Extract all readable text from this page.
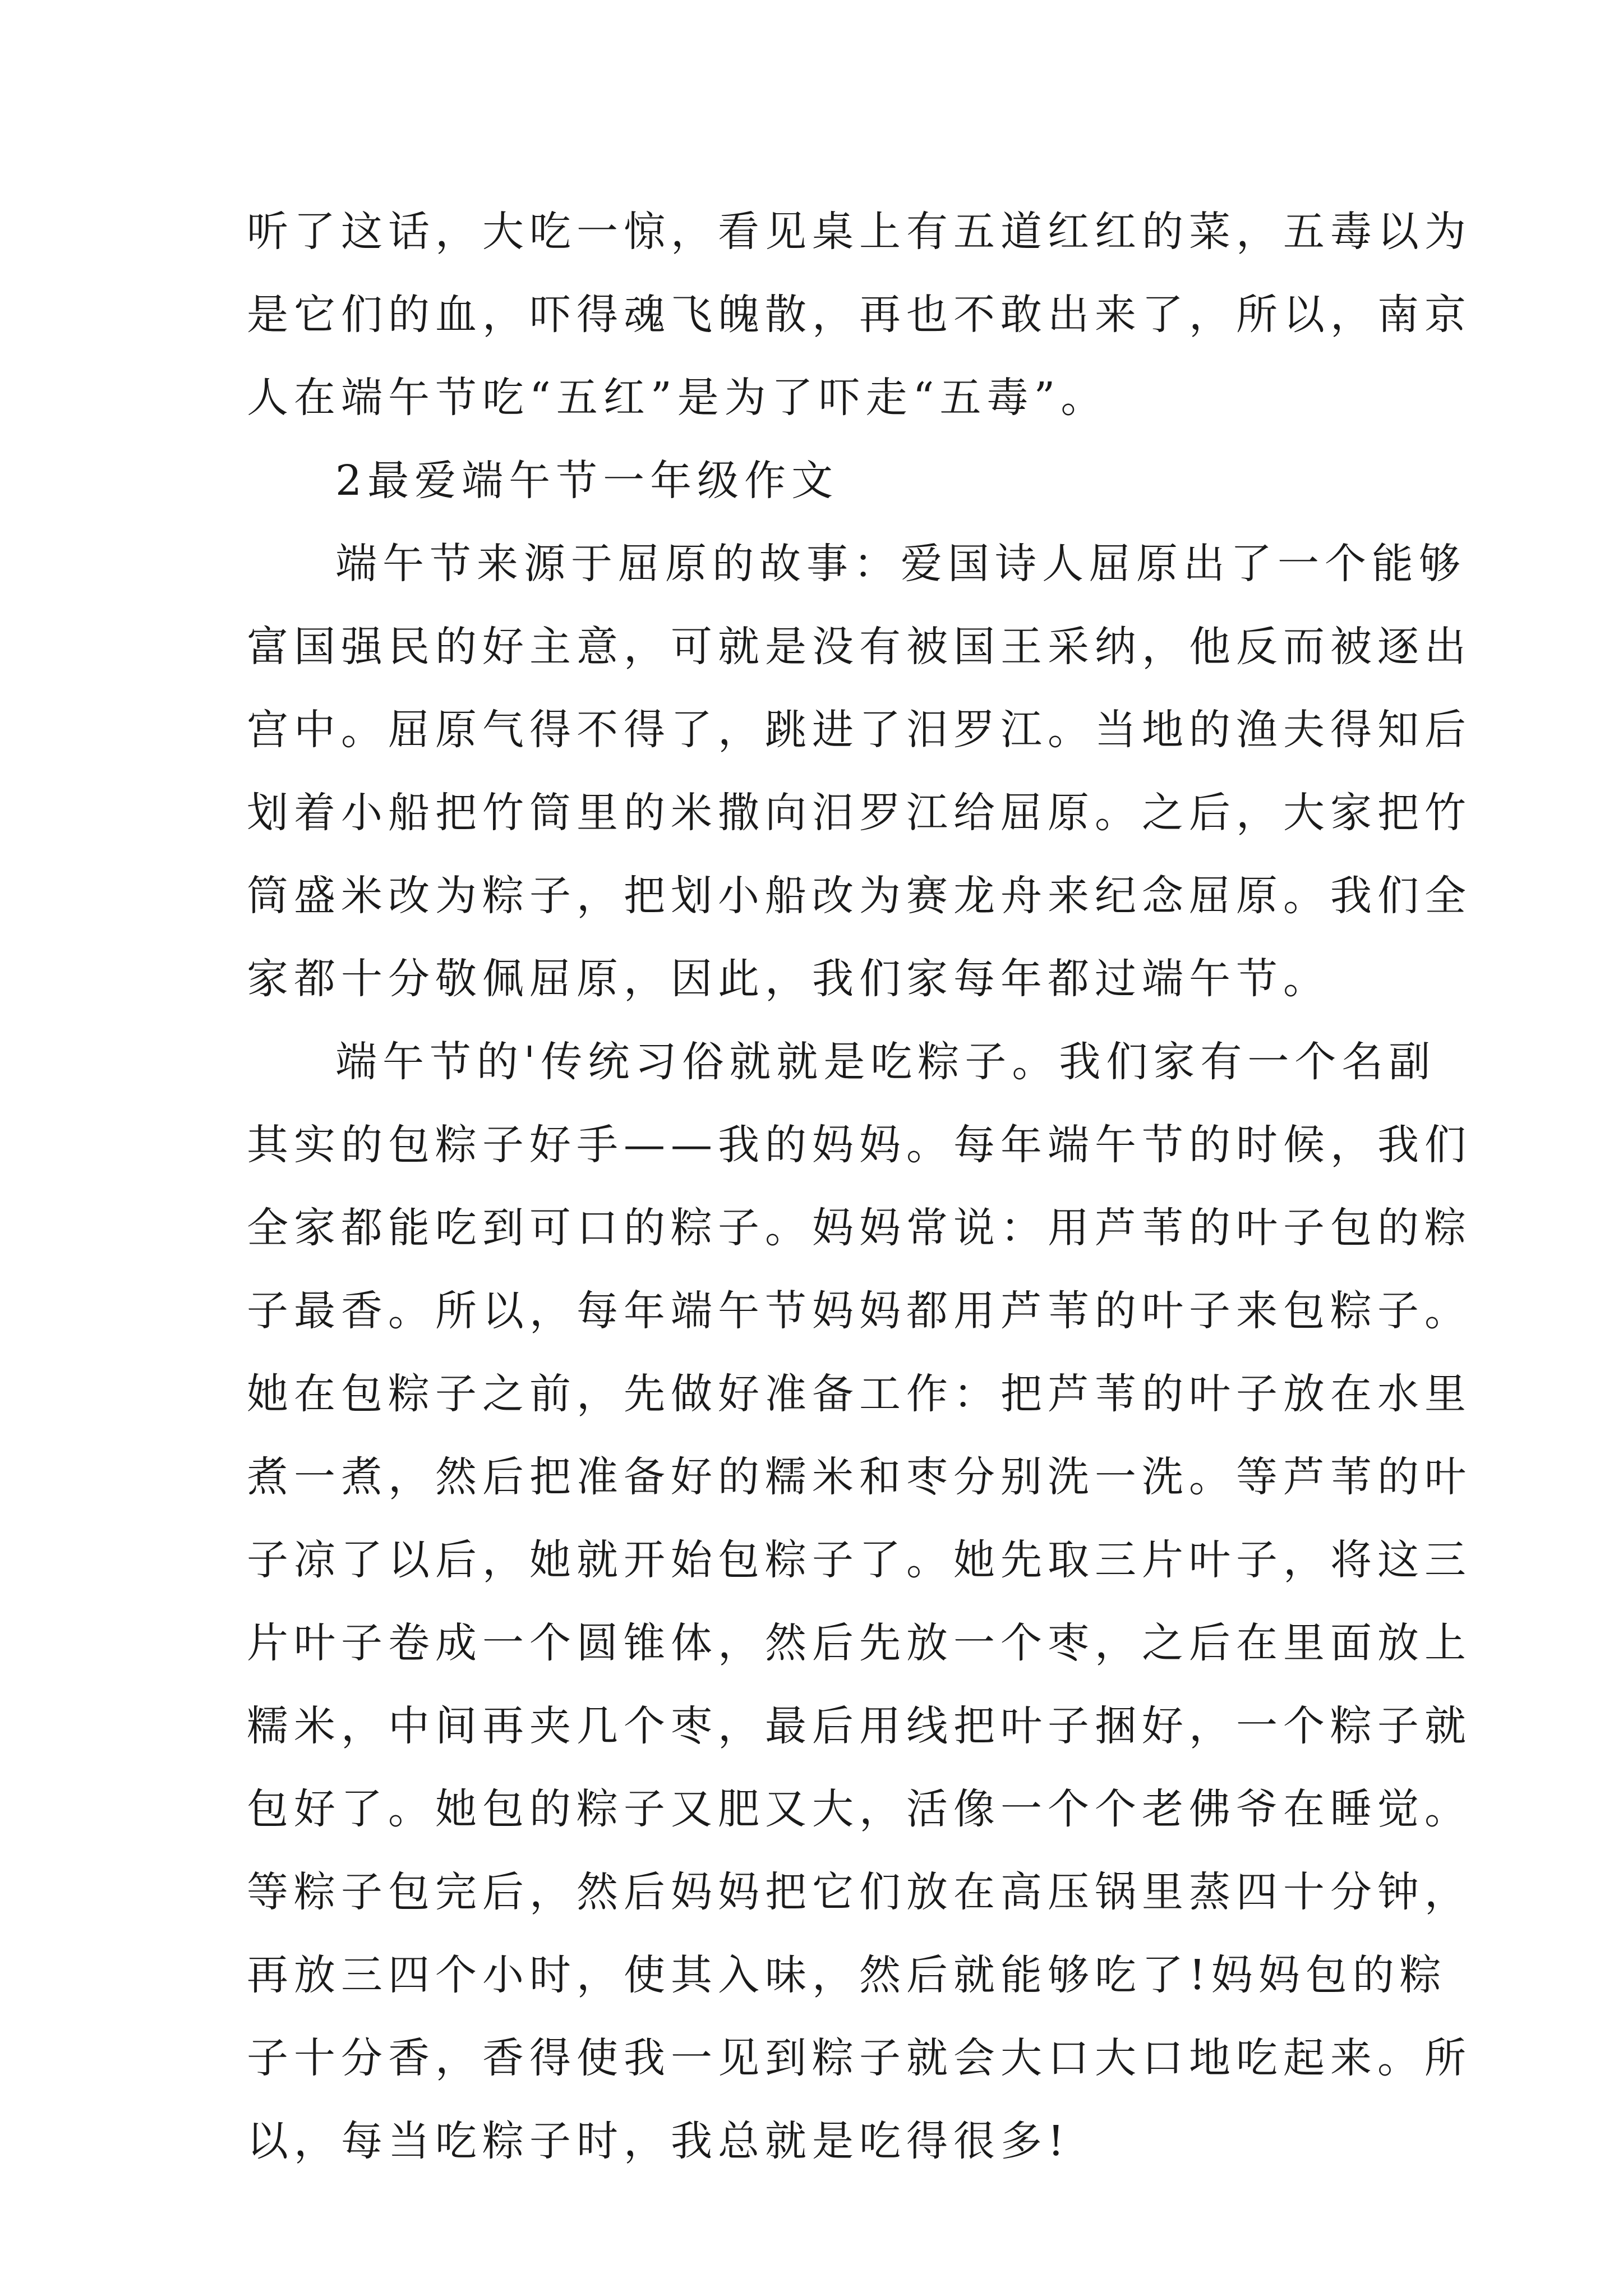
听了这话，大吃一惊，看见桌上有五道红红的菜，五毒以为
是它们的血，吓得魂飞魄散，再也不敢出来了，所以，南京
人在端午节吃“五红”是为了吓走“五毒”。
2最爱端午节一年级作文
端午节来源于屈原的故事：爱国诗人屈原出了一个能够
富国强民的好主意，可就是没有被国王采纳，他反而被逐出
宫中。屈原气得不得了，跳进了汨罗江。当地的渔夫得知后
划着小船把竹筒里的米撒向汨罗江给屈原。之后，大家把竹
筒盛米改为粽子，把划小船改为赛龙舟来纪念屈原。我们全
家都十分敬佩屈原，因此，我们家每年都过端午节。
端午节的'传统习俗就就是吃粽子。我们家有一个名副
其实的包粽子好手——我的妈妈。每年端午节的时候，我们
全家都能吃到可口的粽子。妈妈常说：用芦苇的叶子包的粽
子最香。所以，每年端午节妈妈都用芦苇的叶子来包粽子。
她在包粽子之前，先做好准备工作：把芦苇的叶子放在水里
煮一煮，然后把准备好的糯米和枣分别洗一洗。等芦苇的叶
子凉了以后，她就开始包粽子了。她先取三片叶子，将这三
片叶子卷成一个圆锥体，然后先放一个枣，之后在里面放上
糯米，中间再夹几个枣，最后用线把叶子捆好，一个粽子就
包好了。她包的粽子又肥又大，活像一个个老佛爷在睡觉。
等粽子包完后，然后妈妈把它们放在高压锅里蒸四十分钟，
再放三四个小时，使其入味，然后就能够吃了!妈妈包的粽
子十分香，香得使我一见到粽子就会大口大口地吃起来。所
以，每当吃粽子时，我总就是吃得很多!
